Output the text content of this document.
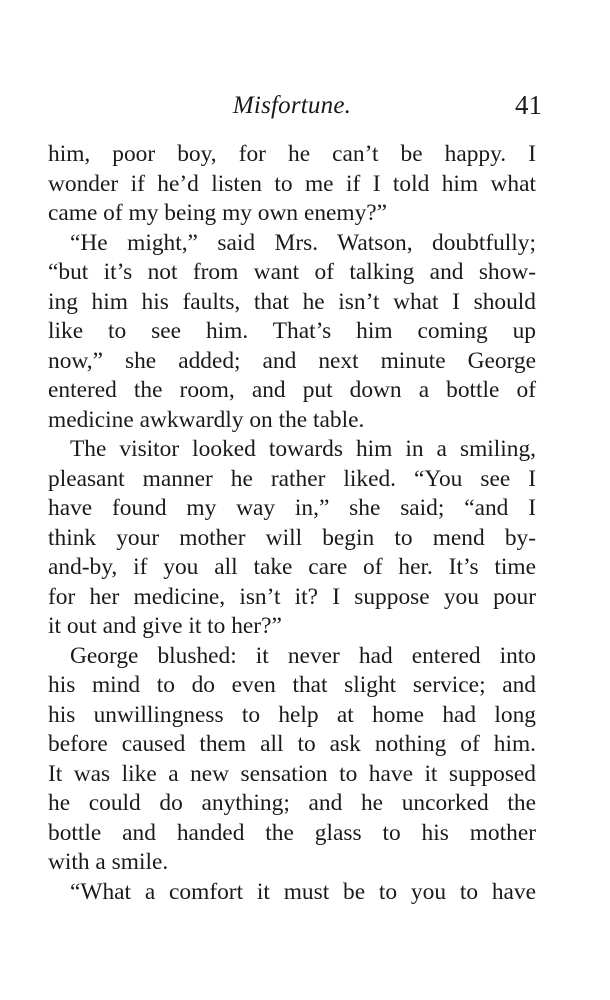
Misfortune.	41
him, poor boy, for he can’t be happy. I
wonder if he’d listen to me if I told him what
came of my being my own enemy?”
“He might,” said Mrs. Watson, doubtfully;
“but it’s not from want of talking and show-
ing him his faults, that he isn’t what I should
like to see him. That’s him coming up
now,” she added; and next minute George
entered the room, and put down a bottle of
medicine awkwardly on the table.
The visitor looked towards him in a smiling,
pleasant manner he rather liked. “You see I
have found my way in,” she said; “and I
think your mother will begin to mend by-
and-by, if you all take care of her. It’s time
for her medicine, isn’t it? I suppose you pour
it out and give it to her?”
George blushed: it never had entered into
his mind to do even that slight service; and
his unwillingness to help at home had long
before caused them all to ask nothing of him.
It was like a new sensation to have it supposed
he could do anything; and he uncorked the
bottle and handed the glass to his mother
with a smile.
“What a comfort it must be to you to have
